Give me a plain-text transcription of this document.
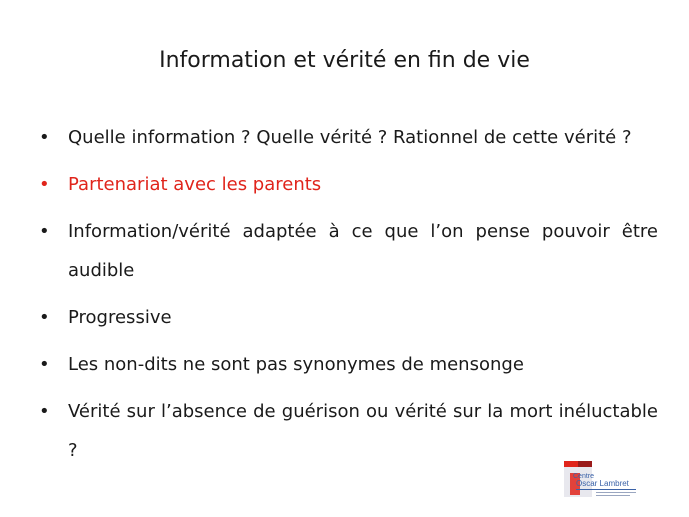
Information et vérité en fin de vie
• Quelle information ? Quelle vérité ? Rationnel de cette vérité ?
• Partenariat avec les parents
• Information/vérité adaptée à ce que l’on pense pouvoir être audible
• Progressive
• Les non-dits ne sont pas synonymes de mensonge
• Vérité sur l’absence de guérison ou vérité sur la mort inéluctable ?
Centre
Oscar Lambret
